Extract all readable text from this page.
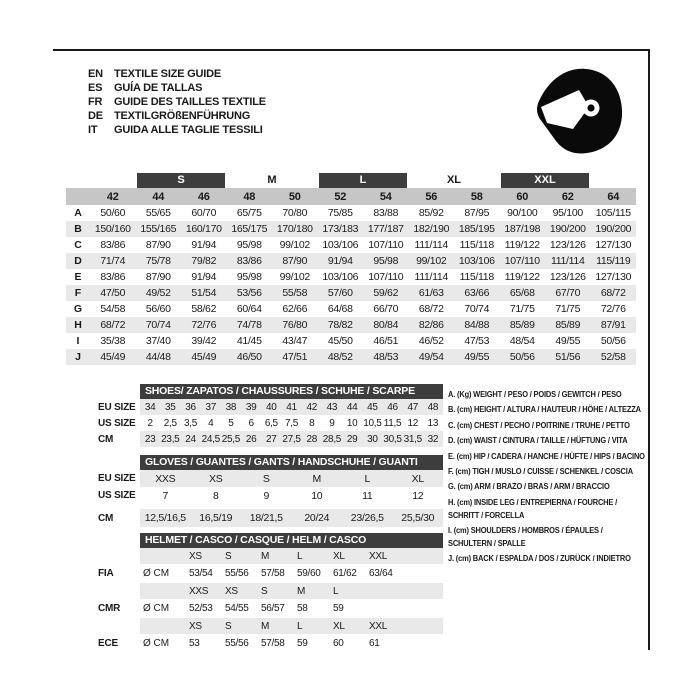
EN	TEXTILE SIZE GUIDE
ES	GUÍA DE TALLAS
FR	GUIDE DES TAILLES TEXTILE
DE	TEXTILGRÖßENFÜHRUNG
IT	GUIDA ALLE TAGLIE TESSILI
S	M	L	XL	XXL
42	44	46	48	50	52	54	56	58	60	62	64
A	50/60	55/65	60/70	65/75	70/80	75/85	83/88	85/92	87/95	90/100	95/100	105/115
B	150/160 155/165 160/170 165/175 170/180 173/183 177/187 182/190 185/195 187/198 190/200 190/200
C	83/86	87/90	91/94	95/98	99/102	103/106 107/110	111/114	115/118	119/122 123/126 127/130
D	71/74	75/78	79/82	83/86	87/90	91/94	95/98	99/102	103/106 107/110	111/114	115/119
E	83/86	87/90	91/94	95/98	99/102	103/106 107/110	111/114	115/118	119/122 123/126 127/130
F	47/50	49/52	51/54	53/56	55/58	57/60	59/62	61/63	63/66	65/68	67/70	68/72
G	54/58	56/60	58/62	60/64	62/66	64/68	66/70	68/72	70/74	71/75	71/75	72/76
H	68/72	70/74	72/76	74/78	76/80	78/82	80/84	82/86	84/88	85/89	85/89	87/91
I	35/38	37/40	39/42	41/45	43/47	45/50	46/51	46/52	47/53	48/54	49/55	50/56
J	45/49	44/48	45/49	46/50	47/51	48/52	48/53	49/54	49/55	50/56	51/56	52/58
SHOES/ ZAPATOS / CHAUSSURES / SCHUHE / SCARPE
EU SIZE 34 35 36 37 38 39 40 41 42 43 44 45 46 47 48
US SIZE	2	2,5 3,5	4	5	6	6,5 7,5	8	9	10 10,5 11,5 12 13
CM	23 23,5 24 24,5 25,5 26 27 27,5 28 28,5 29 30 30,5 31,5 32
GLOVES / GUANTES / GANTS / HANDSCHUHE / GUANTI
EU SIZE	XXS	XS	S	M	L	XL
US SIZE	7	8	9	10	11	12
CM	12,5/16,5	16,5/19	18/21,5	20/24	23/26,5	25,5/30
HELMET / CASCO / CASQUE / HELM / CASCO
XS	S	M	L	XL	XXL
FIA	Ø CM	53/54	55/56	57/58	59/60	61/62	63/64
XXS	XS	S	M	L
CMR	Ø CM	52/53	54/55	56/57	58	59
XS	S	M	L	XL	XXL
ECE	Ø CM	53	55/56	57/58	59	60	61
A. (Kg) WEIGHT / PESO / POIDS / GEWITCH / PESO
B. (cm) HEIGHT / ALTURA / HAUTEUR / HÖHE / ALTEZZA
C. (cm) CHEST / PECHO / POITRINE / TRUHE / PETTO
D. (cm) WAIST / CINTURA / TAILLE / HÜFTUNG / VITA
E. (cm) HIP / CADERA / HANCHE / HÜFTE / HIPS / BACINO
F. (cm) TIGH / MUSLO / CUISSE / SCHENKEL / COSCIA
G. (cm) ARM / BRAZO / BRAS / ARM / BRACCIO
H. (cm) INSIDE LEG / ENTREPIERNA / FOURCHE / SCHRITT / FORCELLA
I. (cm) SHOULDERS / HOMBROS / ÉPAULES / SCHULTERN / SPALLE
J. (cm) BACK / ESPALDA / DOS / ZURÜCK / INDIETRO
